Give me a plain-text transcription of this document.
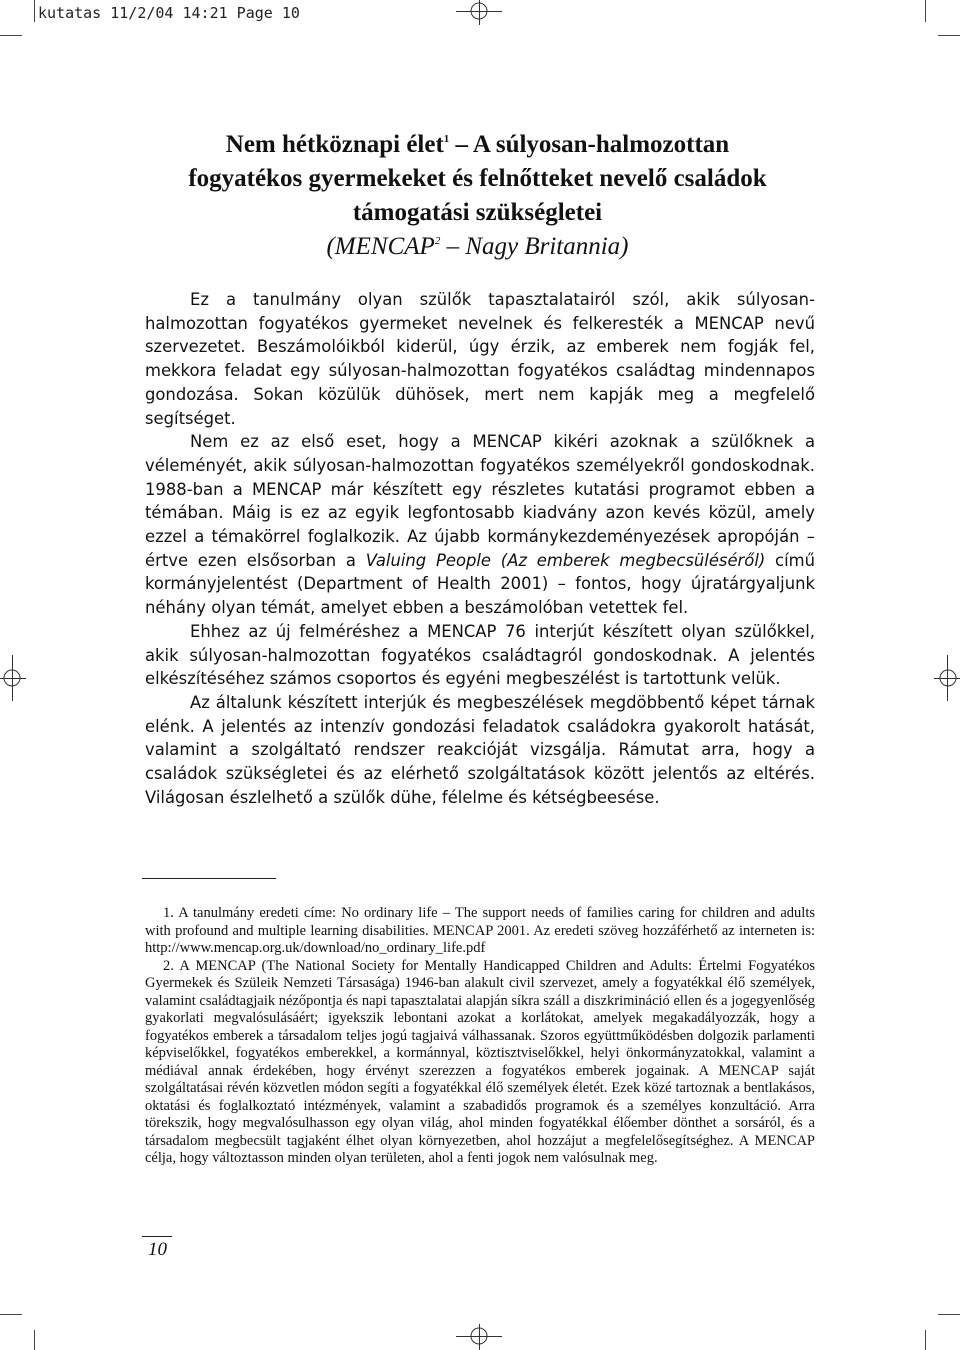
kutatas 11/2/04 14:21 Page 10
Nem hétköznapi élet$^1$ – A súlyosan-halmozottan
fogyatékos gyermekeket és felnőtteket nevelő családok
támogatási szükségletei
(MENCAP$^2$ – Nagy Britannia)

Ez a tanulmány olyan szülők tapasztalatairól szól, akik súlyosan-halmozottan fogyatékos gyermeket nevelnek és felkeresték a MENCAP nevű szervezetet. Beszámolóikból kiderül, úgy érzik, az emberek nem fogják fel, mekkora feladat egy súlyosan-halmozottan fogyatékos családtag mindennapos gondozása. Sokan közülük dühösek, mert nem kapják meg a megfelelő segítséget.

Nem ez az első eset, hogy a MENCAP kikéri azoknak a szülőknek a véleményét, akik súlyosan-halmozottan fogyatékos személyekről gondoskodnak. 1988-ban a MENCAP már készített egy részletes kutatási programot ebben a témában. Máig is ez az egyik legfontosabb kiadvány azon kevés közül, amely ezzel a témakörrel foglalkozik. Az újabb kormánykezdeményezések apropóján – értve ezen elsősorban a Valuing People (Az emberek megbecsüléséről) című kormányjelentést (Department of Health 2001) – fontos, hogy újratárgyaljunk néhány olyan témát, amelyet ebben a beszámolóban vetettek fel.

Ehhez az új felméréshez a MENCAP 76 interjút készített olyan szülőkkel, akik súlyosan-halmozottan fogyatékos családtagról gondoskodnak. A jelentés elkészítéséhez számos csoportos és egyéni megbeszélést is tartottunk velük.

Az általunk készített interjúk és megbeszélések megdöbbentő képet tárnak elénk. A jelentés az intenzív gondozási feladatok családokra gyakorolt hatását, valamint a szolgáltató rendszer reakcióját vizsgálja. Rámutat arra, hogy a családok szükségletei és az elérhető szolgáltatások között jelentős az eltérés. Világosan észlelhető a szülők dühe, félelme és kétségbeesése.

1. A tanulmány eredeti címe: No ordinary life – The support needs of families caring for children and adults with profound and multiple learning disabilities. MENCAP 2001. Az eredeti szöveg hozzáférhető az interneten is: http://www.mencap.org.uk/download/no_ordinary_life.pdf

2. A MENCAP (The National Society for Mentally Handicapped Children and Adults: Értelmi Fogyatékos Gyermekek és Szüleik Nemzeti Társasága) 1946-ban alakult civil szervezet, amely a fogyatékkal élő személyek, valamint családtagjaik nézőpontja és napi tapasztalatai alapján síkra száll a diszkrimináció ellen és a jogegyenlőség gyakorlati megvalósulásáért; igyekszik lebontani azokat a korlátokat, amelyek megakadályozzák, hogy a fogyatékos emberek a társadalom teljes jogú tagjaivá válhassanak. Szoros együttműködésben dolgozik parlamenti képviselőkkel, fogyatékos emberekkel, a kormánnyal, köztisztviselőkkel, helyi önkormányzatokkal, valamint a médiával annak érdekében, hogy érvényt szerezzen a fogyatékos emberek jogainak. A MENCAP saját szolgáltatásai révén közvetlen módon segíti a fogyatékkal élő személyek életét. Ezek közé tartoznak a bentlakásos, oktatási és foglalkoztató intézmények, valamint a szabadidős programok és a személyes konzultáció. Arra törekszik, hogy megvalósulhasson egy olyan világ, ahol minden fogyatékkal élőember dönthet a sorsáról, és a társadalom megbecsült tagjaként élhet olyan környezetben, ahol hozzájut a megfelelősegítséghez. A MENCAP célja, hogy változtasson minden olyan területen, ahol a fenti jogok nem valósulnak meg.

10
